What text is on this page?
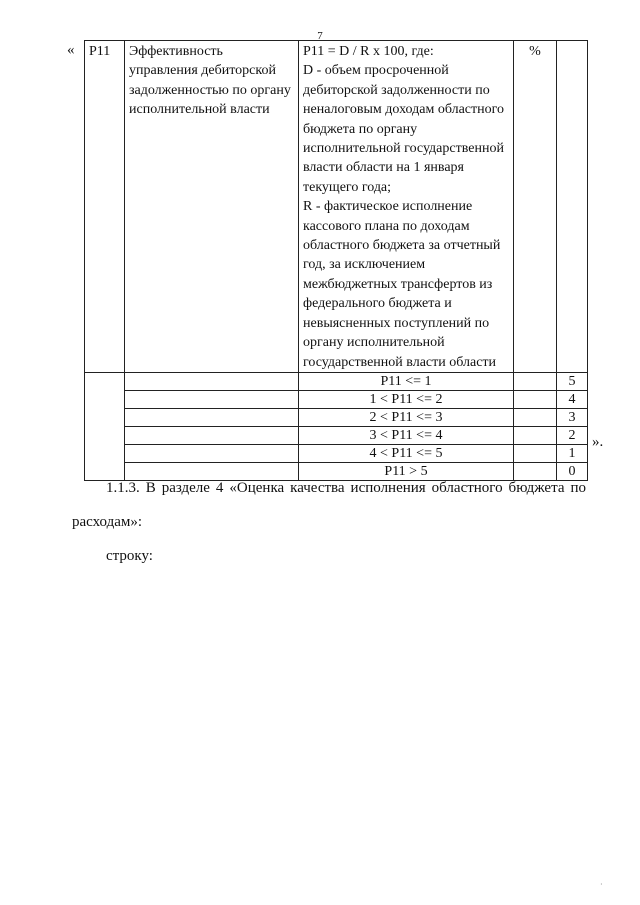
7
« P11	Эффективность управления дебиторской задолженностью по органу исполнительной власти	P11 = D / R х 100, где:
D - объем просроченной дебиторской задолженности по неналоговым доходам областного бюджета по органу исполнительной государственной власти области на 1 января текущего года;
R - фактическое исполнение кассового плана по доходам областного бюджета за отчетный год, за исключением межбюджетных трансфертов из федерального бюджета и невыясненных поступлений по органу исполнительной государственной власти области	%	
		P11 <= 1		5
		1 < P11 <= 2		4
		2 < P11 <= 3		3
		3 < P11 <= 4		2
		4 < P11 <= 5		1
		P11 > 5		0
».
1.1.3. В разделе 4 «Оценка качества исполнения областного бюджета по расходам»:
строку:
·
